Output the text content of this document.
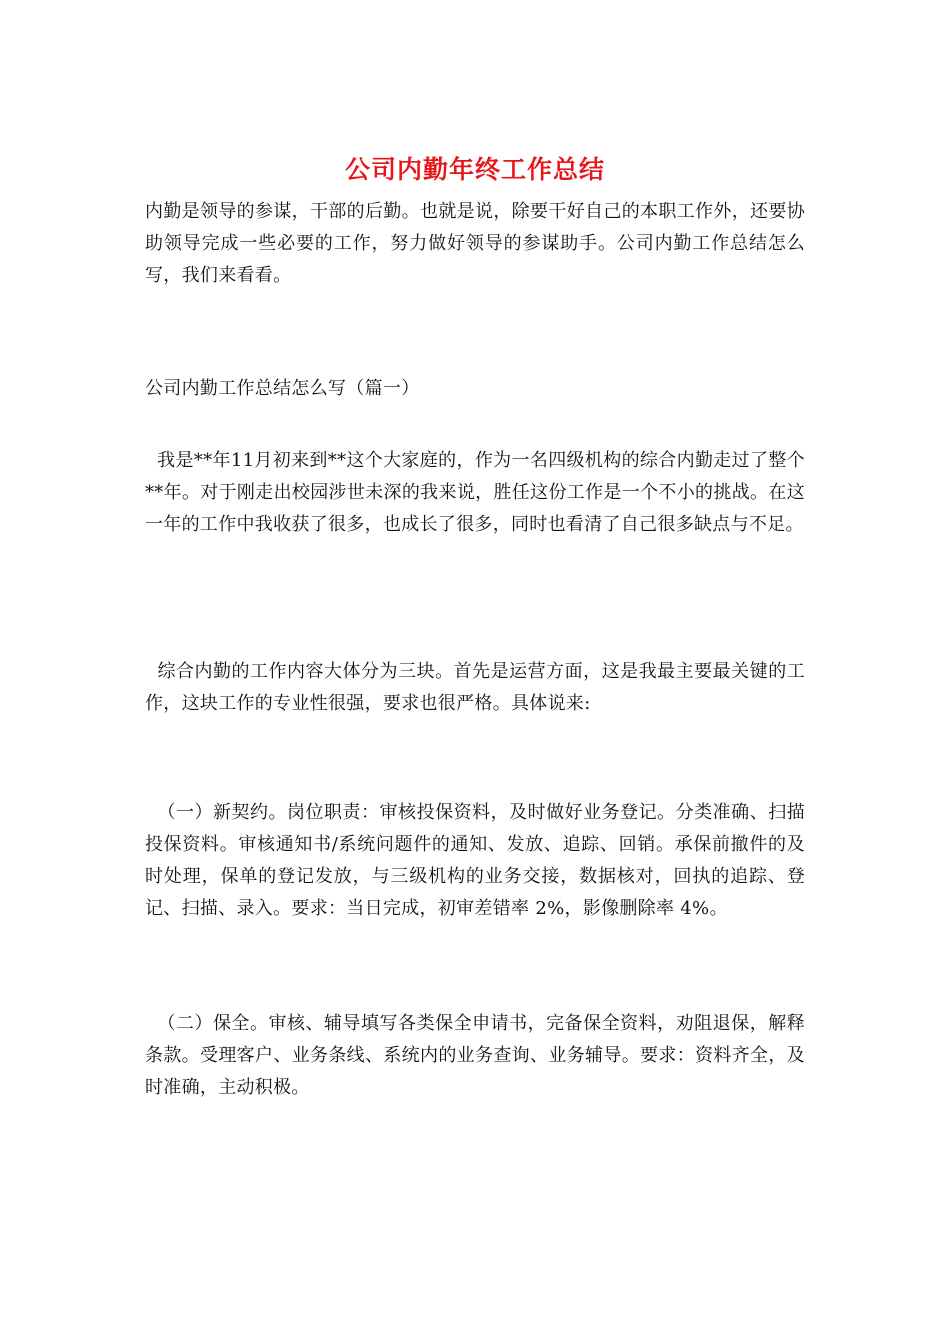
公司内勤年终工作总结

内勤是领导的参谋，干部的后勤。也就是说，除要干好自己的本职工作外，还要协助领导完成一些必要的工作，努力做好领导的参谋助手。公司内勤工作总结怎么写，我们来看看。

公司内勤工作总结怎么写（篇一）

我是**年11月初来到**这个大家庭的，作为一名四级机构的综合内勤走过了整个**年。对于刚走出校园涉世未深的我来说，胜任这份工作是一个不小的挑战。在这一年的工作中我收获了很多，也成长了很多，同时也看清了自己很多缺点与不足。

综合内勤的工作内容大体分为三块。首先是运营方面，这是我最主要最关键的工作，这块工作的专业性很强，要求也很严格。具体说来:

（一）新契约。岗位职责：审核投保资料，及时做好业务登记。分类准确、扫描投保资料。审核通知书/系统问题件的通知、发放、追踪、回销。承保前撤件的及时处理，保单的登记发放，与三级机构的业务交接，数据核对，回执的追踪、登记、扫描、录入。要求：当日完成，初审差错率 2%，影像删除率 4%。

（二）保全。审核、辅导填写各类保全申请书，完备保全资料，劝阻退保，解释条款。受理客户、业务条线、系统内的业务查询、业务辅导。要求：资料齐全，及时准确，主动积极。
